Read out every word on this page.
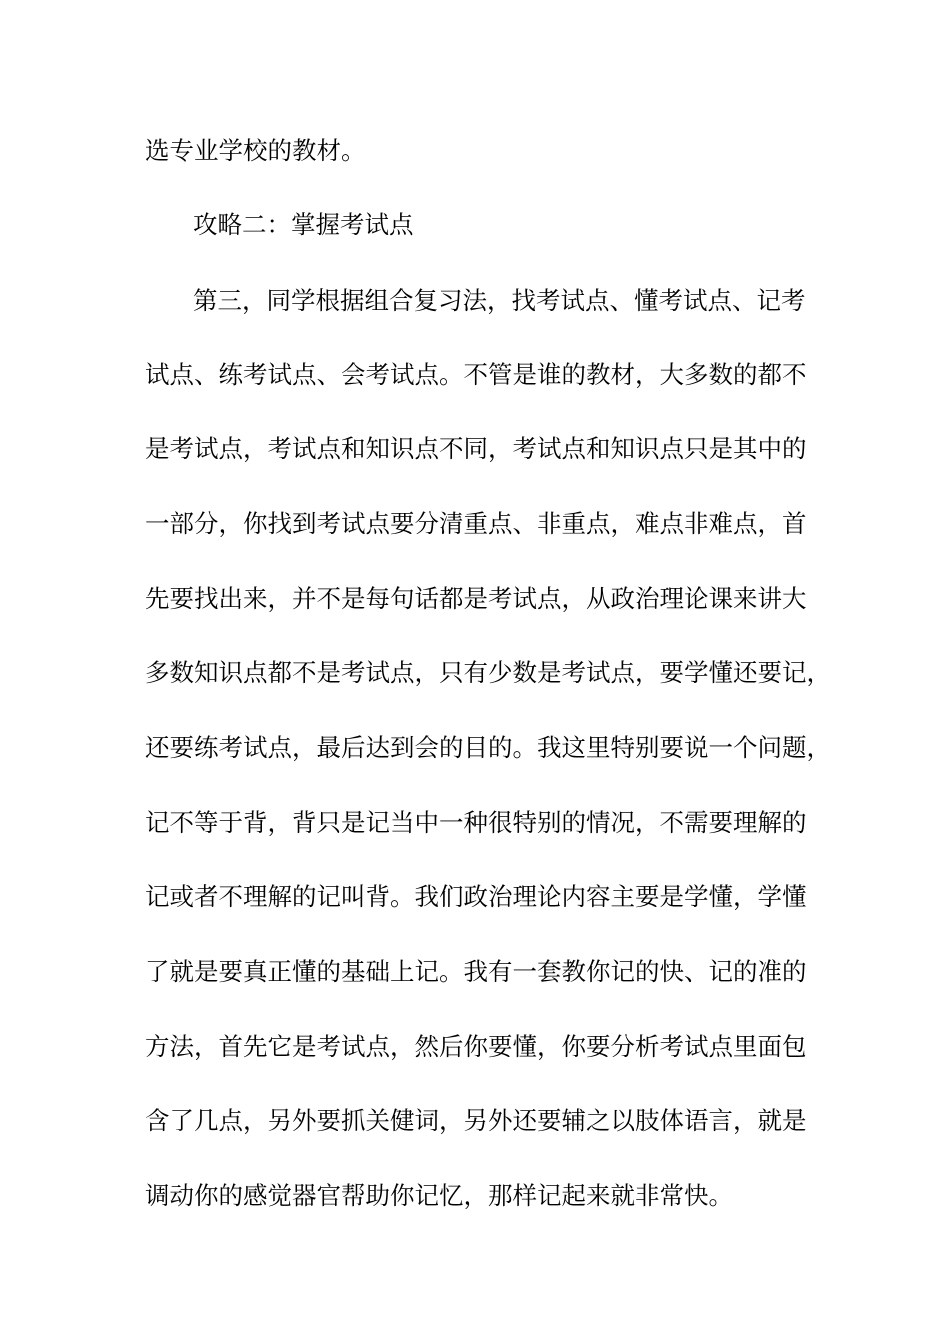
选专业学校的教材。
攻略二：掌握考试点
第三，同学根据组合复习法，找考试点、懂考试点、记考
试点、练考试点、会考试点。不管是谁的教材，大多数的都不
是考试点，考试点和知识点不同，考试点和知识点只是其中的
一部分，你找到考试点要分清重点、非重点，难点非难点，首
先要找出来，并不是每句话都是考试点，从政治理论课来讲大
多数知识点都不是考试点，只有少数是考试点，要学懂还要记，
还要练考试点，最后达到会的目的。我这里特别要说一个问题，
记不等于背，背只是记当中一种很特别的情况，不需要理解的
记或者不理解的记叫背。我们政治理论内容主要是学懂，学懂
了就是要真正懂的基础上记。我有一套教你记的快、记的准的
方法，首先它是考试点，然后你要懂，你要分析考试点里面包
含了几点，另外要抓关健词，另外还要辅之以肢体语言，就是
调动你的感觉器官帮助你记忆，那样记起来就非常快。
